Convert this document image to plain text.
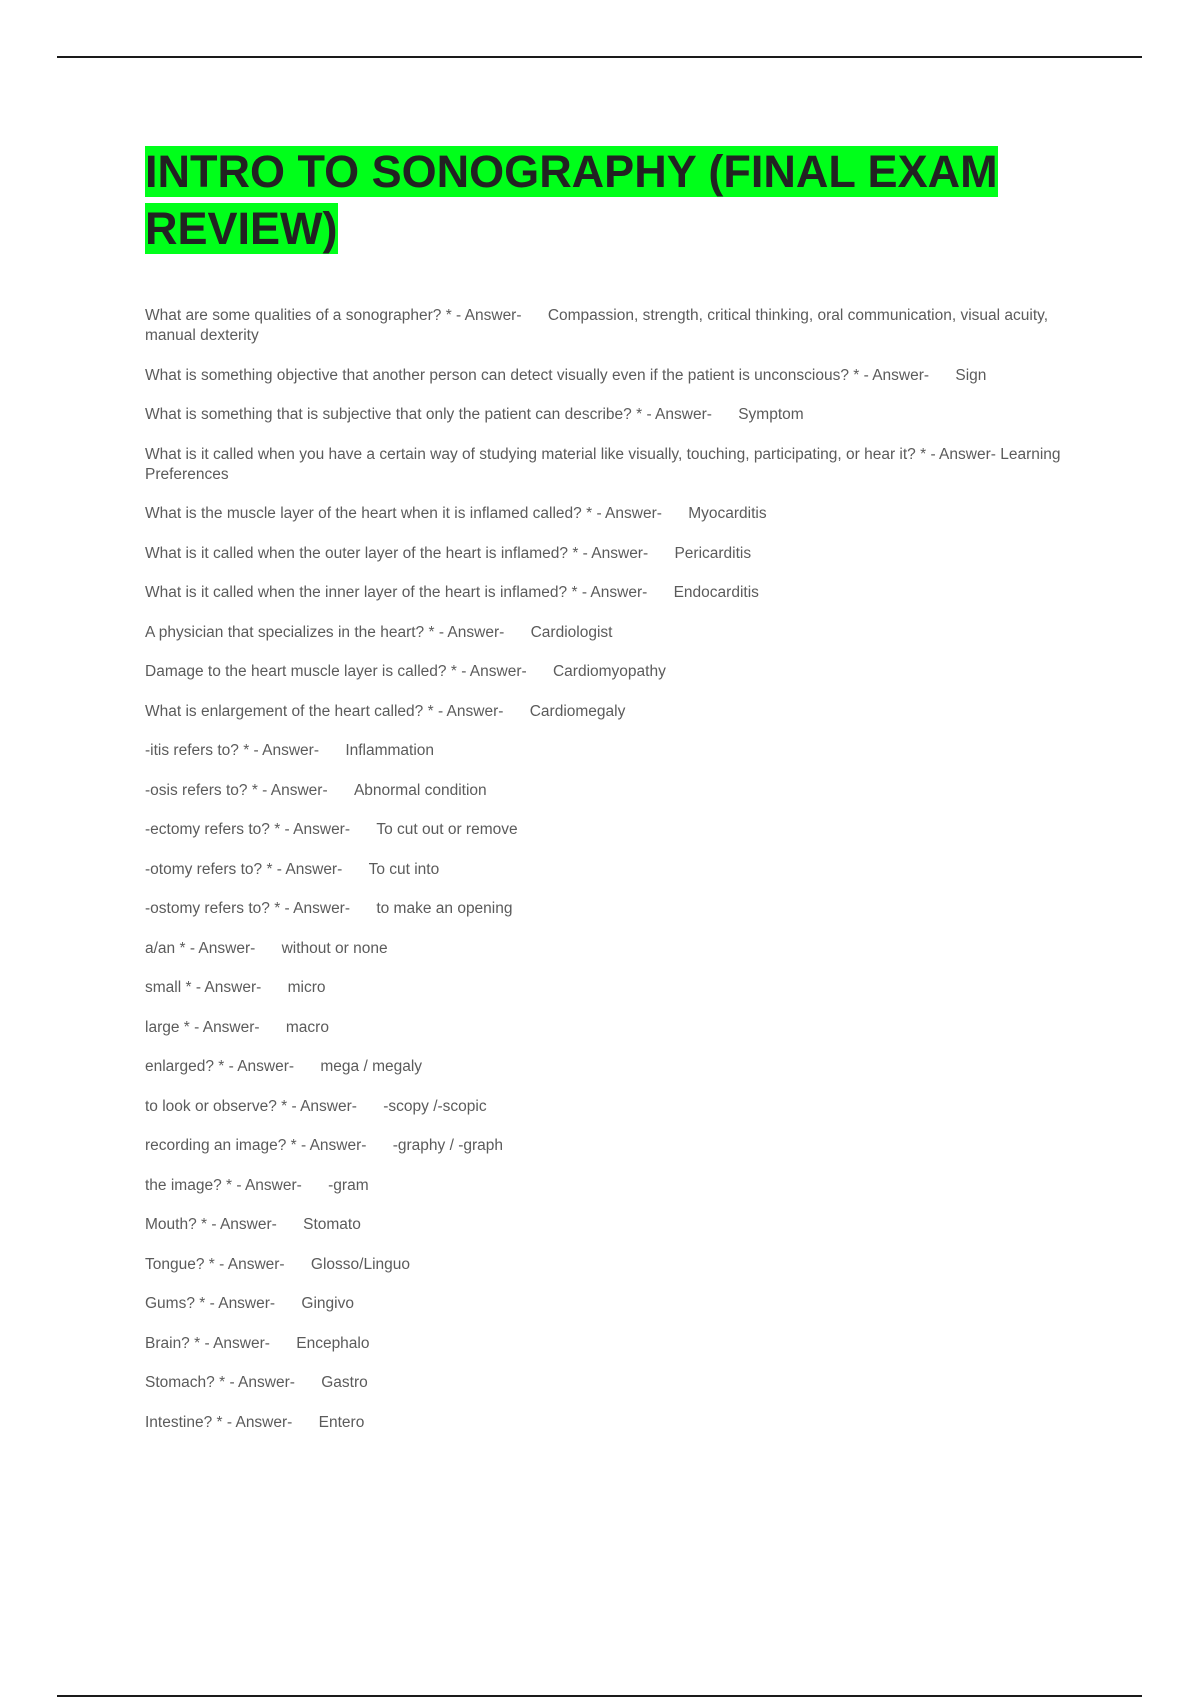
INTRO TO SONOGRAPHY (FINAL EXAM REVIEW)
What are some qualities of a sonographer? * - Answer- Compassion, strength, critical thinking, oral communication, visual acuity, manual dexterity
What is something objective that another person can detect visually even if the patient is unconscious? * - Answer- Sign
What is something that is subjective that only the patient can describe? * - Answer- Symptom
What is it called when you have a certain way of studying material like visually, touching, participating, or hear it? * - Answer- Learning Preferences
What is the muscle layer of the heart when it is inflamed called? * - Answer- Myocarditis
What is it called when the outer layer of the heart is inflamed? * - Answer- Pericarditis
What is it called when the inner layer of the heart is inflamed? * - Answer- Endocarditis
A physician that specializes in the heart? * - Answer- Cardiologist
Damage to the heart muscle layer is called? * - Answer- Cardiomyopathy
What is enlargement of the heart called? * - Answer- Cardiomegaly
-itis refers to? * - Answer- Inflammation
-osis refers to? * - Answer- Abnormal condition
-ectomy refers to? * - Answer- To cut out or remove
-otomy refers to? * - Answer- To cut into
-ostomy refers to? * - Answer- to make an opening
a/an * - Answer- without or none
small * - Answer- micro
large * - Answer- macro
enlarged? * - Answer- mega / megaly
to look or observe? * - Answer- -scopy /-scopic
recording an image? * - Answer- -graphy / -graph
the image? * - Answer- -gram
Mouth? * - Answer- Stomato
Tongue? * - Answer- Glosso/Linguo
Gums? * - Answer- Gingivo
Brain? * - Answer- Encephalo
Stomach? * - Answer- Gastro
Intestine? * - Answer- Entero
